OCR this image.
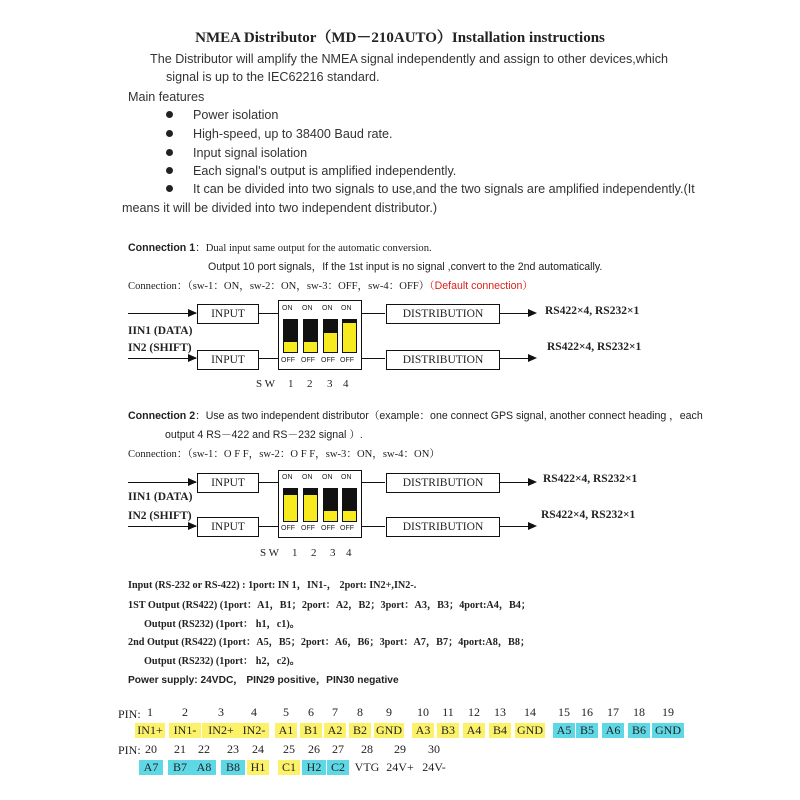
NMEA Distributor（MD－210AUTO）Installation instructions
The Distributor will amplify the NMEA signal independently and assign to other devices,which
signal is up to the IEC62216 standard.
Main features
Power isolation
High-speed, up to 38400 Baud rate.
Input signal isolation
Each signal's output is amplified independently.
It can be divided into two signals to use,and the two signals are amplified independently.(It
means it will be divided into two independent distributor.)
Connection 1：Dual input same output for the automatic conversion.
Output 10 port signals，If the 1st input is no signal ,convert to the 2nd automatically.
Connection：（sw-1：ON，sw-2：ON，sw-3：OFF，sw-4：OFF）（Default connection）
INPUT
IIN1 (DATA)
IN2 (SHIFT)
INPUT
ON ON ON ON
OFF OFF OFF OFF
DISTRIBUTION	RS422×4, RS232×1
DISTRIBUTION
RS422×4, RS232×1
S W 1 2 3 4
Connection 2：Use as two independent distributor（example：one connect GPS signal, another connect heading ，each
output 4 RS－422 and RS－232 signal ）.
Connection：（sw-1：O F F，sw-2：O F F，sw-3：ON，sw-4：ON）
INPUT
IIN1 (DATA)
IN2 (SHIFT)
INPUT
ON ON ON ON
OFF OFF OFF OFF
DISTRIBUTION	RS422×4, RS232×1
DISTRIBUTION
RS422×4, RS232×1
S W 1 2 3 4
Input (RS-232 or RS-422) : 1port: IN 1，IN1-， 2port: IN2+,IN2-.
1ST Output (RS422) (1port：A1，B1；2port：A2，B2；3port：A3，B3；4port:A4，B4；
Output (RS232) (1port： h1，c1)。
2nd Output (RS422) (1port：A5，B5；2port：A6，B6；3port：A7，B7；4port:A8，B8；
Output (RS232) (1port： h2，c2)。
Power supply: 24VDC， PIN29 positive，PIN30 negative
PIN: 1	2	3	4	5	6	7	8	9	10	11	12	13	14	15 16	17	18	19
IN1+ IN1- IN2+ IN2-	A1 B1 A2 B2 GND	A3 B3 A4 B4 GND	A5 B5 A6 B6 GND
PIN: 20	21	22	23	24	25	26	27	28	29	30
A7	B7 A8	B8 H1	C1 H2 C2 VTG 24V+ 24V-
